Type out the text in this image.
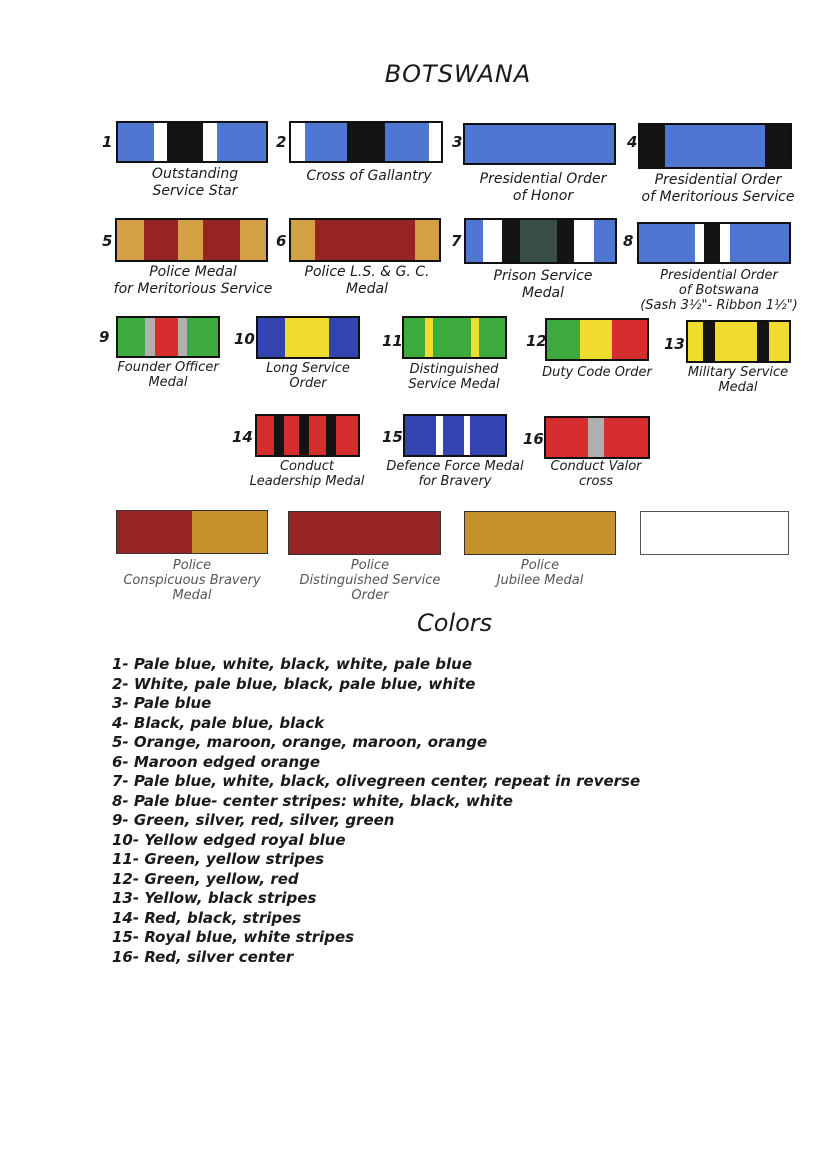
BOTSWANA
1
Outstanding
Service Star
2
Cross of Gallantry
3
Presidential Order
of Honor
4
Presidential Order
of Meritorious Service
5
Police Medal
for Meritorious Service
6
Police L.S. & G. C.
Medal
7
Prison Service
Medal
8
Presidential Order
of Botswana
(Sash 3½"- Ribbon 1½")
9
Founder Officer
Medal
10
Long Service
Order
11
Distinguished
Service Medal
12
Duty Code Order
13
Military Service
Medal
14
Conduct
Leadership Medal
15
Defence Force Medal
for Bravery
16
Conduct Valor
cross
Police
Conspicuous Bravery
Medal
Police
Distinguished Service
Order
Police
Jubilee Medal
Colors
1- Pale blue, white, black, white, pale blue
2- White, pale blue, black, pale blue, white
3- Pale blue
4- Black, pale blue, black
5- Orange, maroon, orange, maroon, orange
6- Maroon edged orange
7- Pale blue, white, black, olivegreen center, repeat in reverse
8- Pale blue- center stripes: white, black, white
9- Green, silver, red, silver, green
10- Yellow edged royal blue
11- Green, yellow stripes
12- Green, yellow, red
13- Yellow, black stripes
14- Red, black, stripes
15- Royal blue, white stripes
16- Red, silver center
